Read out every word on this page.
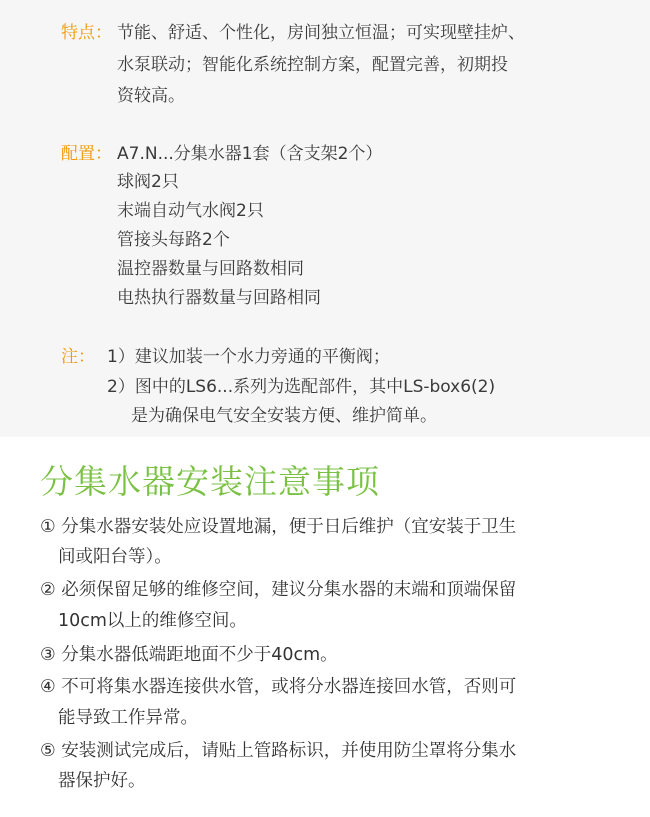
特点： 节能、舒适、个性化，房间独立恒温；可实现壁挂炉、
水泵联动；智能化系统控制方案，配置完善，初期投
资较高。
配置： A7.N...分集水器1套（含支架2个）
球阀2只
末端自动气水阀2只
管接头每路2个
温控器数量与回路数相同
电热执行器数量与回路相同
注： 1）建议加装一个水力旁通的平衡阀；
2）图中的LS6...系列为选配部件，其中LS-box6(2)
是为确保电气安全安装方便、维护简单。
分集水器安装注意事项
① 分集水器安装处应设置地漏，便于日后维护（宜安装于卫生
间或阳台等）。
② 必须保留足够的维修空间，建议分集水器的末端和顶端保留
10cm以上的维修空间。
③ 分集水器低端距地面不少于40cm。
④ 不可将集水器连接供水管，或将分水器连接回水管，否则可
能导致工作异常。
⑤ 安装测试完成后，请贴上管路标识，并使用防尘罩将分集水
器保护好。
